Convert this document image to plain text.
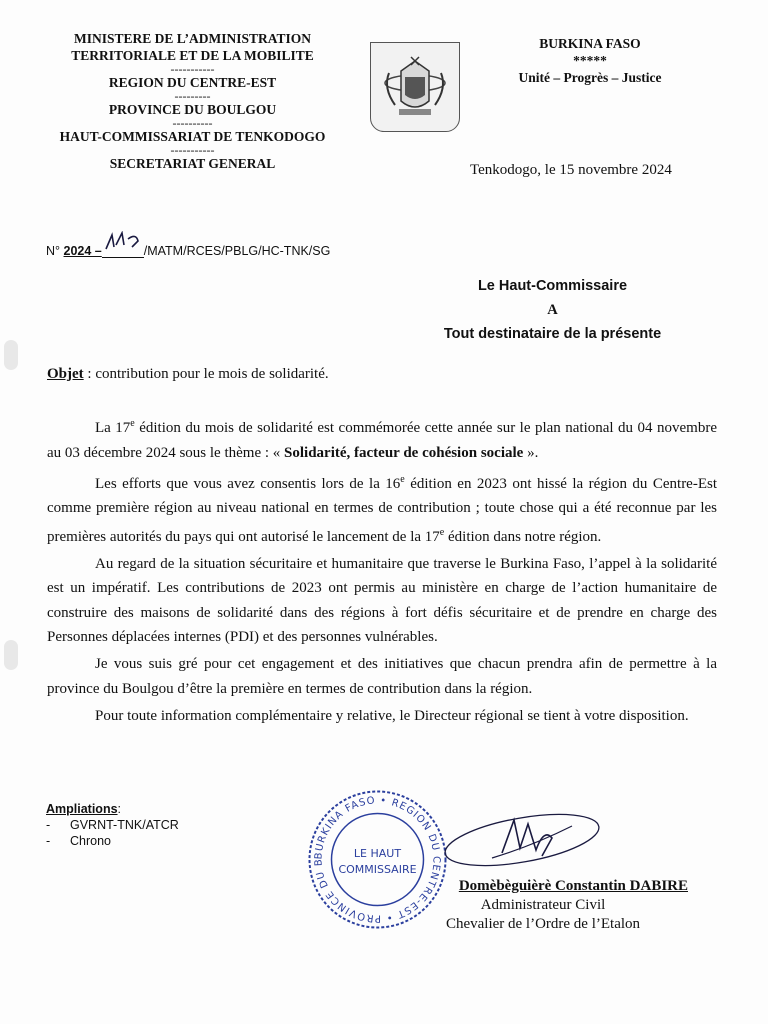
MINISTERE DE L’ADMINISTRATION
TERRITORIALE ET DE LA MOBILITE
-----------
REGION DU CENTRE-EST
---------
PROVINCE DU BOULGOU
----------
HAUT-COMMISSARIAT DE TENKODOGO
-----------
SECRETARIAT GENERAL
BURKINA FASO
*****
Unité – Progrès – Justice
Tenkodogo, le 15 novembre 2024
N° 2024 –	/MATM/RCES/PBLG/HC-TNK/SG
Le Haut-Commissaire
A
Tout destinataire de la présente
Objet : contribution pour le mois de solidarité.

La 17e édition du mois de solidarité est commémorée cette année sur le plan national du 04 novembre au 03 décembre 2024 sous le thème : « Solidarité, facteur de cohésion sociale ».

Les efforts que vous avez consentis lors de la 16e édition en 2023 ont hissé la région du Centre-Est comme première région au niveau national en termes de contribution ; toute chose qui a été reconnue par les premières autorités du pays qui ont autorisé le lancement de la 17e édition dans notre région.

Au regard de la situation sécuritaire et humanitaire que traverse le Burkina Faso, l’appel à la solidarité est un impératif. Les contributions de 2023 ont permis au ministère en charge de l’action humanitaire de construire des maisons de solidarité dans des régions à fort défis sécuritaire et de prendre en charge des Personnes déplacées internes (PDI) et des personnes vulnérables.

Je vous suis gré pour cet engagement et des initiatives que chacun prendra afin de permettre à la province du Boulgou d’être la première en termes de contribution dans la région.

Pour toute information complémentaire y relative, le Directeur régional se tient à votre disposition.

Ampliations:
- GVRNT-TNK/ATCR
- Chrono
BURKINA FASO • REGION DU CENTRE-EST • PROVINCE DU B
LE HAUT
COMMISSAIRE
Domèbèguièrè Constantin DABIRE
Administrateur Civil
Chevalier de l’Ordre de l’Etalon
